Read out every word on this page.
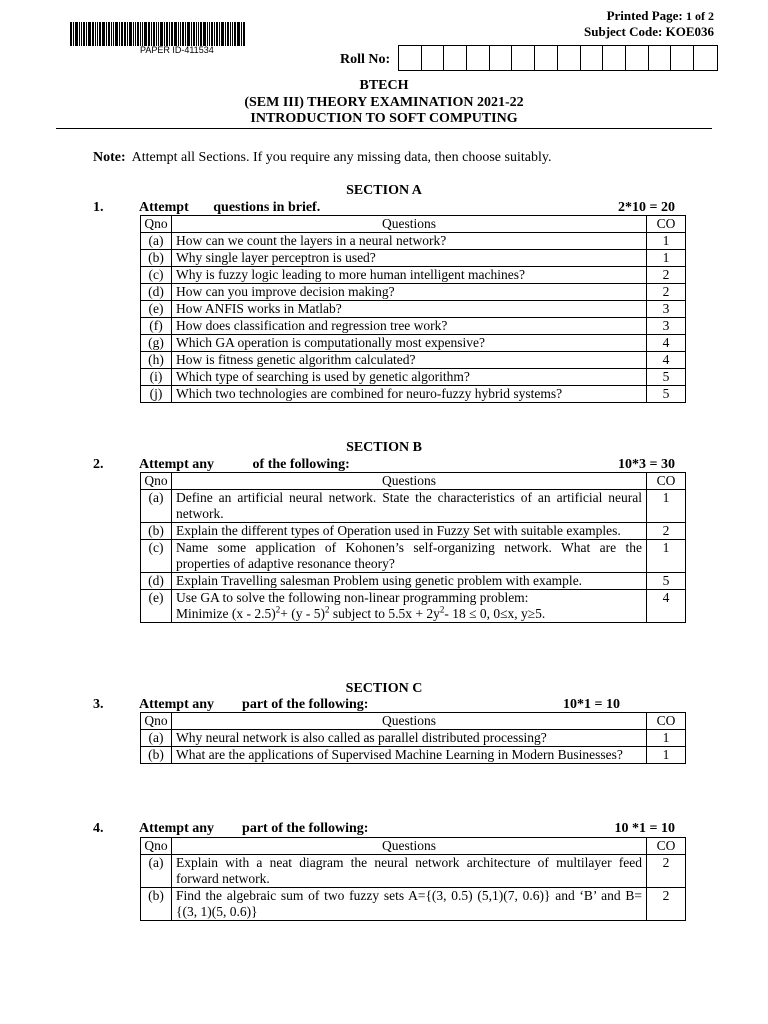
PAPER ID-411534
Printed Page: 1 of 2
Subject Code: KOE036
Roll No:
BTECH
(SEM III) THEORY EXAMINATION 2021-22
INTRODUCTION TO SOFT COMPUTING
Note: Attempt all Sections. If you require any missing data, then choose suitably.
SECTION A
1.	Attempt       questions in brief.	2*10 = 20
Qno	Questions	CO
(a)	How can we count the layers in a neural network?	1
(b)	Why single layer perceptron is used?	1
(c)	Why is fuzzy logic leading to more human intelligent machines?	2
(d)	How can you improve decision making?	2
(e)	How ANFIS works in Matlab?	3
(f)	How does classification and regression tree work?	3
(g)	Which GA operation is computationally most expensive?	4
(h)	How is fitness genetic algorithm calculated?	4
(i)	Which type of searching is used by genetic algorithm?	5
(j)	Which two technologies are combined for neuro-fuzzy hybrid systems?	5
SECTION B
2.	Attempt any           of the following:	10*3 = 30
Qno	Questions	CO
(a)	Define an artificial neural network. State the characteristics of an artificial neural network.	1
(b)	Explain the different types of Operation used in Fuzzy Set with suitable examples.	2
(c)	Name some application of Kohonen’s self-organizing network. What are the properties of adaptive resonance theory?	1
(d)	Explain Travelling salesman Problem using genetic problem with example.	5
(e)	Use GA to solve the following non-linear programming problem:
Minimize (x - 2.5)$^2$+ (y - 5)$^2$ subject to $5.5x + 2y^2-$ 18 ≤ 0, 0≤x, y≥5.	4
SECTION C
3.	Attempt any        part of the following:	10*1 = 10
Qno	Questions	CO
(a)	Why neural network is also called as parallel distributed processing?	1
(b)	What are the applications of Supervised Machine Learning in Modern Businesses?	1
4.	Attempt any        part of the following:	10 *1 = 10
Qno	Questions	CO
(a)	Explain with a neat diagram the neural network architecture of multilayer feed forward network.	2
(b)	Find the algebraic sum of two fuzzy sets A={(3, 0.5) (5,1)(7, 0.6)} and ‘B’ and B={(3, 1)(5, 0.6)}	2
